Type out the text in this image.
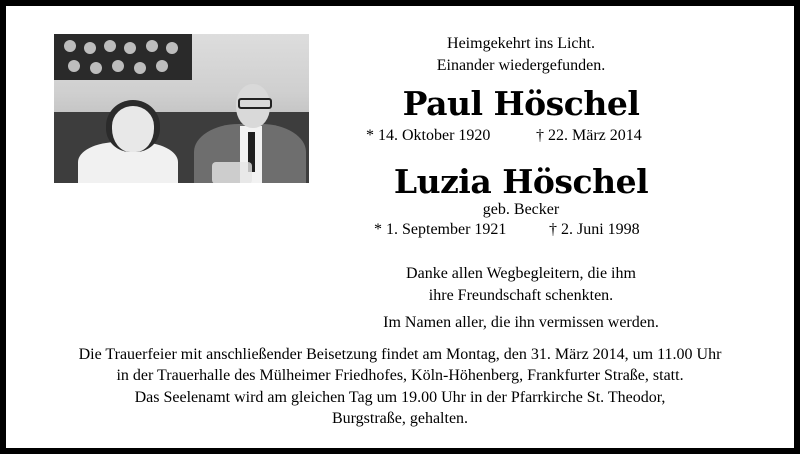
Heimgekehrt ins Licht.
Einander wiedergefunden.
Paul Höschel
* 14. Oktober 1920	† 22. März 2014
Luzia Höschel
geb. Becker
* 1. September 1921	† 2. Juni 1998
Danke allen Wegbegleitern, die ihm
ihre Freundschaft schenkten.
Im Namen aller, die ihn vermissen werden.
Die Trauerfeier mit anschließender Beisetzung findet am Montag, den 31. März 2014, um 11.00 Uhr
in der Trauerhalle des Mülheimer Friedhofes, Köln-Höhenberg, Frankfurter Straße, statt.
Das Seelenamt wird am gleichen Tag um 19.00 Uhr in der Pfarrkirche St. Theodor,
Burgstraße, gehalten.
